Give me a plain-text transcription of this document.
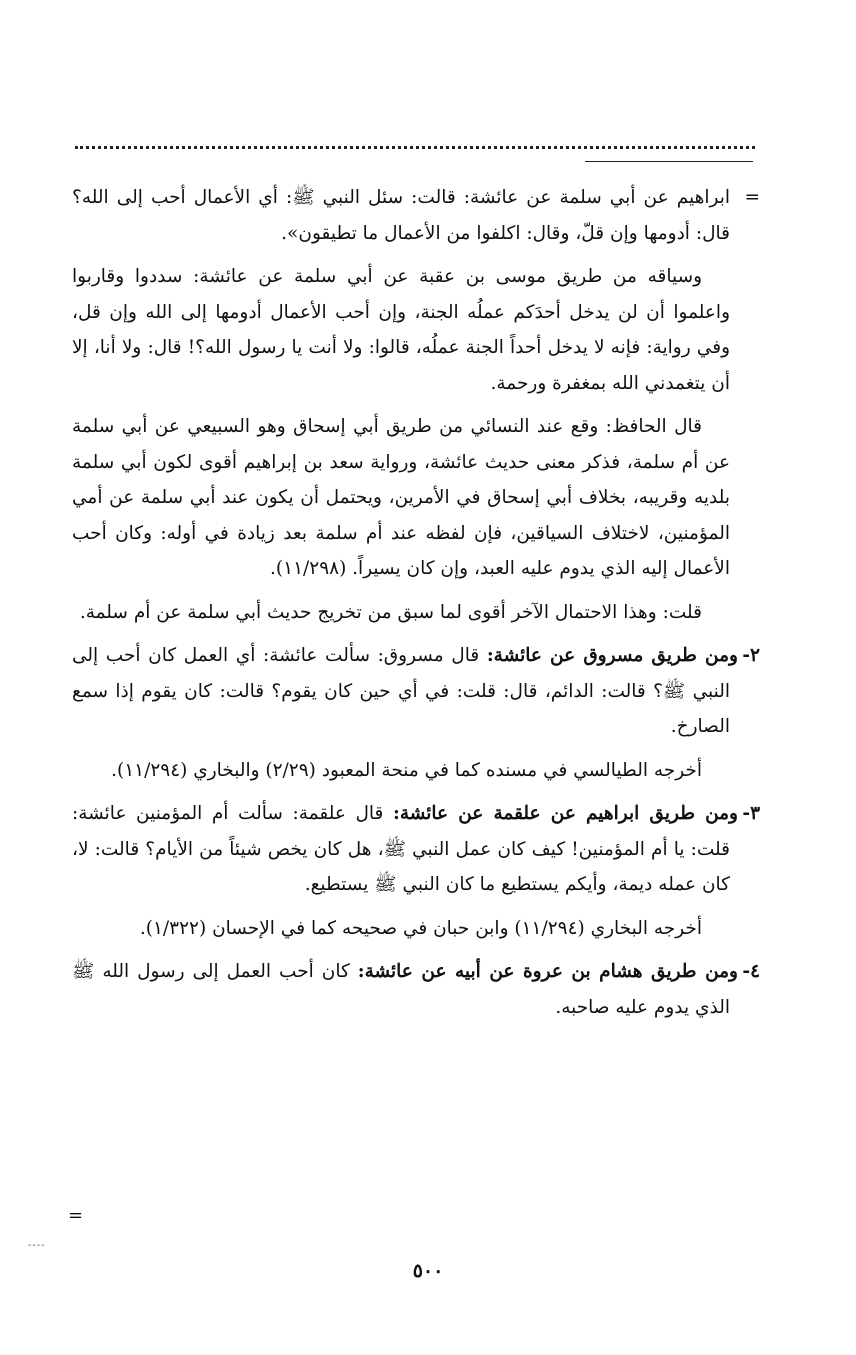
=ابراهيم عن أبي سلمة عن عائشة: قالت: سئل النبي ﷺ: أي الأعمال أحب إلى الله؟ قال: أدومها وإن قلّ، وقال: اكلفوا من الأعمال ما تطيقون».

وسياقه من طريق موسى بن عقبة عن أبي سلمة عن عائشة: سددوا وقاربوا واعلموا أن لن يدخل أحدَكم عملُه الجنة، وإن أحب الأعمال أدومها إلى الله وإن قل، وفي رواية: فإنه لا يدخل أحداً الجنة عملُه، قالوا: ولا أنت يا رسول الله؟! قال: ولا أنا، إلا أن يتغمدني الله بمغفرة ورحمة.

قال الحافظ: وقع عند النسائي من طريق أبي إسحاق وهو السبيعي عن أبي سلمة عن أم سلمة، فذكر معنى حديث عائشة، ورواية سعد بن إبراهيم أقوى لكون أبي سلمة بلديه وقريبه، بخلاف أبي إسحاق في الأمرين، ويحتمل أن يكون عند أبي سلمة عن أمي المؤمنين، لاختلاف السياقين، فإن لفظه عند أم سلمة بعد زيادة في أوله: وكان أحب الأعمال إليه الذي يدوم عليه العبد، وإن كان يسيراً. (١١/٢٩٨).

قلت: وهذا الاحتمال الآخر أقوى لما سبق من تخريج حديث أبي سلمة عن أم سلمة.

٢-ومن طريق مسروق عن عائشة: قال مسروق: سألت عائشة: أي العمل كان أحب إلى النبي ﷺ؟ قالت: الدائم، قال: قلت: في أي حين كان يقوم؟ قالت: كان يقوم إذا سمع الصارخ.

أخرجه الطيالسي في مسنده كما في منحة المعبود (٢/٢٩) والبخاري (١١/٢٩٤).

٣-ومن طريق ابراهيم عن علقمة عن عائشة: قال علقمة: سألت أم المؤمنين عائشة: قلت: يا أم المؤمنين! كيف كان عمل النبي ﷺ، هل كان يخص شيئاً من الأيام؟ قالت: لا، كان عمله ديمة، وأيكم يستطيع ما كان النبي ﷺ يستطيع.

أخرجه البخاري (١١/٢٩٤) وابن حبان في صحيحه كما في الإحسان (١/٣٢٢).

٤-ومن طريق هشام بن عروة عن أبيه عن عائشة: كان أحب العمل إلى رسول الله ﷺ الذي يدوم عليه صاحبه.

=
----
٥٠٠
